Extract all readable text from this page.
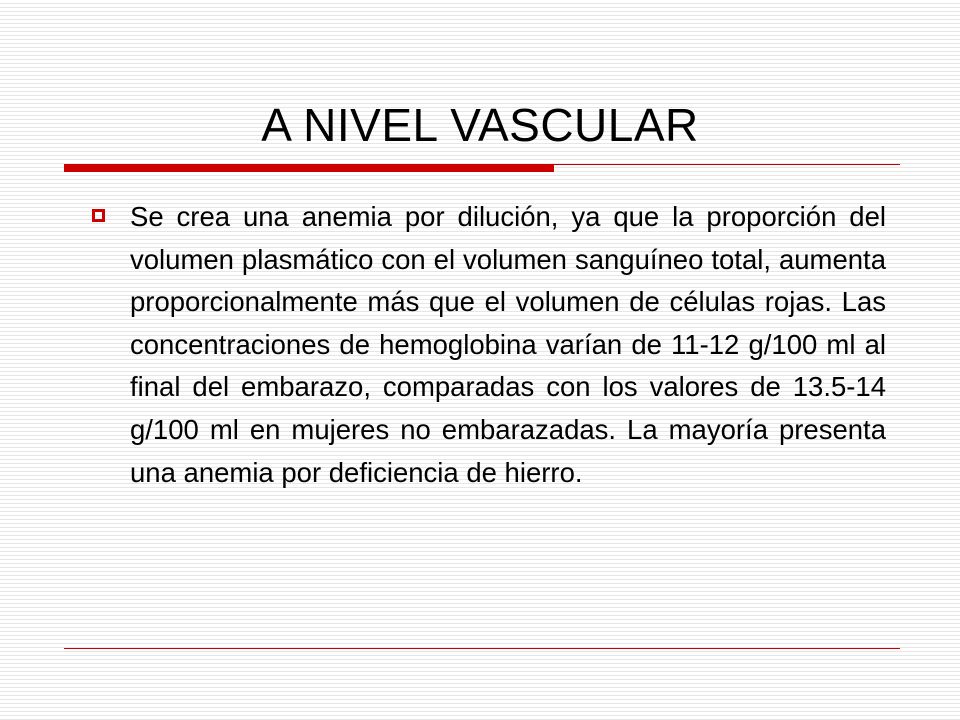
A NIVEL VASCULAR

Se crea una anemia por dilución, ya que la proporción del volumen plasmático con el volumen sanguíneo total, aumenta proporcionalmente más que el volumen de células rojas. Las concentraciones de hemoglobina varían de 11-12 g/100 ml al final del embarazo, comparadas con los valores de 13.5-14 g/100 ml en mujeres no embarazadas. La mayoría presenta una anemia por deficiencia de hierro.
